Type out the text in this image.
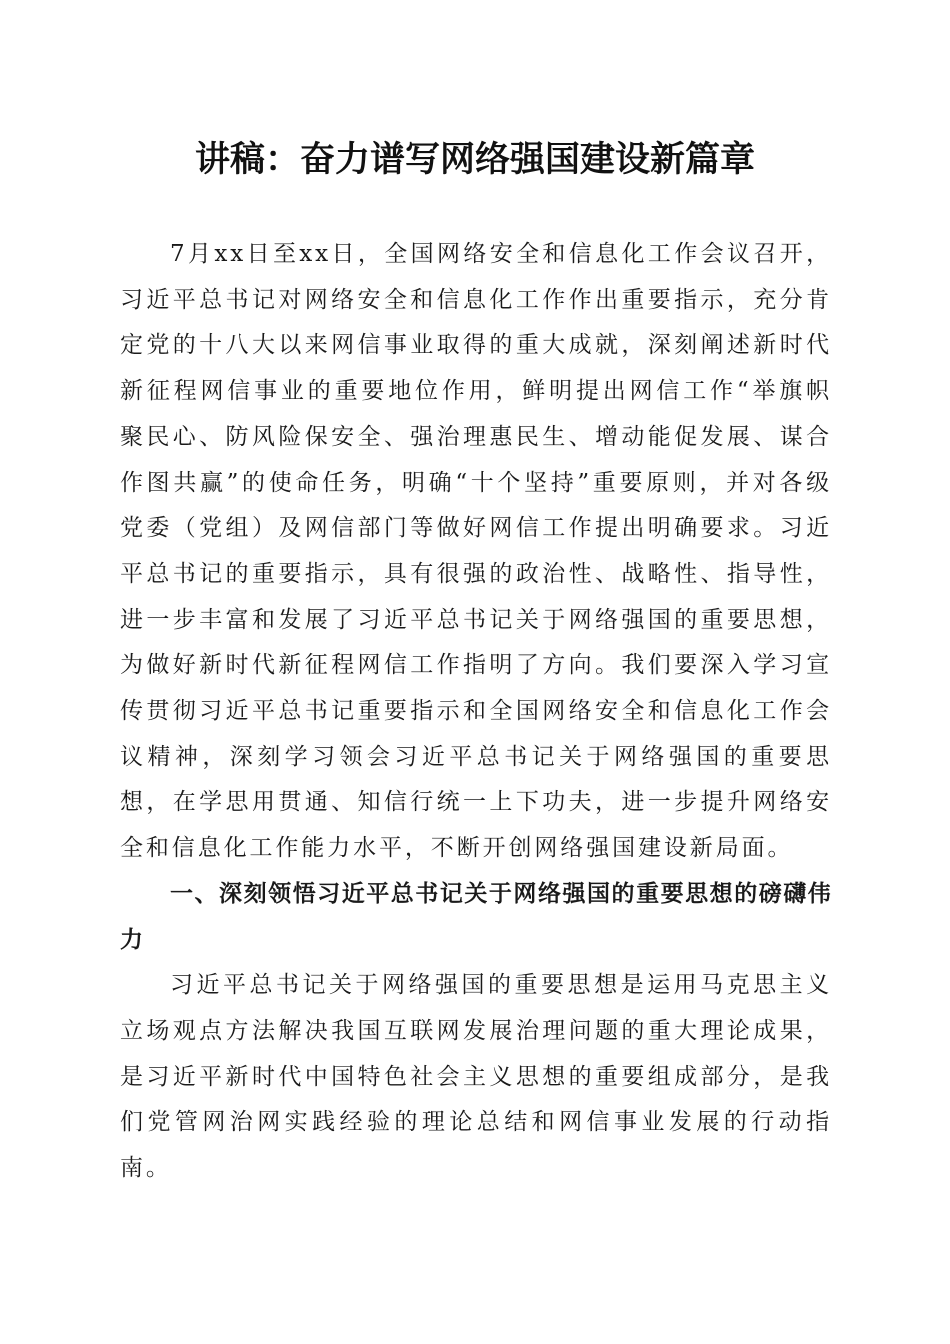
讲稿：奋力谱写网络强国建设新篇章

7月xx日至xx日，全国网络安全和信息化工作会议召开，习近平总书记对网络安全和信息化工作作出重要指示，充分肯定党的十八大以来网信事业取得的重大成就，深刻阐述新时代新征程网信事业的重要地位作用，鲜明提出网信工作“举旗帜聚民心、防风险保安全、强治理惠民生、增动能促发展、谋合作图共赢”的使命任务，明确“十个坚持”重要原则，并对各级党委（党组）及网信部门等做好网信工作提出明确要求。习近平总书记的重要指示，具有很强的政治性、战略性、指导性，进一步丰富和发展了习近平总书记关于网络强国的重要思想，为做好新时代新征程网信工作指明了方向。我们要深入学习宣传贯彻习近平总书记重要指示和全国网络安全和信息化工作会议精神，深刻学习领会习近平总书记关于网络强国的重要思想，在学思用贯通、知信行统一上下功夫，进一步提升网络安全和信息化工作能力水平，不断开创网络强国建设新局面。

一、深刻领悟习近平总书记关于网络强国的重要思想的磅礴伟力

习近平总书记关于网络强国的重要思想是运用马克思主义立场观点方法解决我国互联网发展治理问题的重大理论成果，是习近平新时代中国特色社会主义思想的重要组成部分，是我们党管网治网实践经验的理论总结和网信事业发展的行动指南。
